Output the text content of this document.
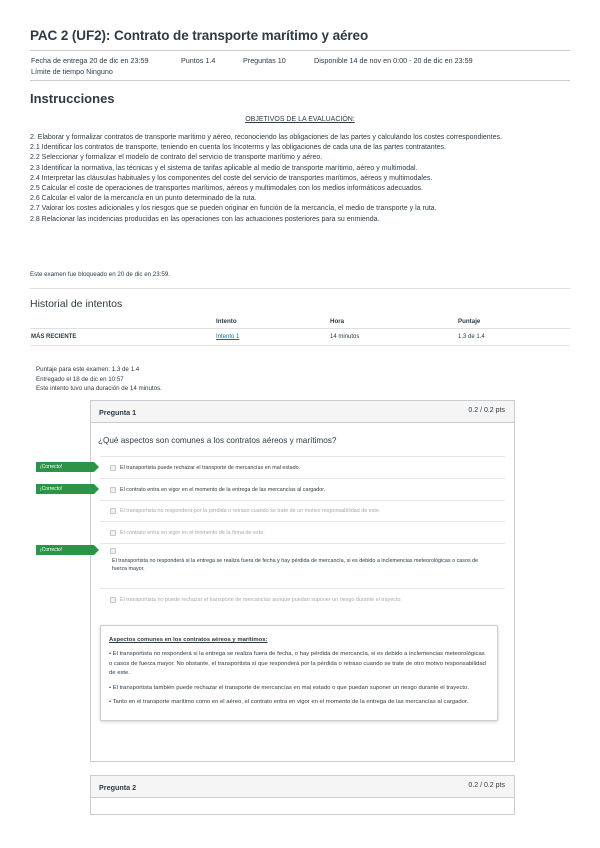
PAC 2 (UF2): Contrato de transporte marítimo y aéreo
Fecha de entrega 20 de dic en 23:59	Puntos 1.4	Preguntas 10	Disponible 14 de nov en 0:00 - 20 de dic en 23:59
Límite de tiempo Ninguno
Instrucciones
OBJETIVOS DE LA EVALUACIÓN:

2. Elaborar y formalizar contratos de transporte marítimo y aéreo, reconociendo las obligaciones de las partes y calculando los costes correspondientes.

2.1 Identificar los contratos de transporte, teniendo en cuenta los Incoterms y las obligaciones de cada una de las partes contratantes.

2.2 Seleccionar y formalizar el modelo de contrato del servicio de transporte marítimo y aéreo.

2.3 Identificar la normativa, las técnicas y el sistema de tarifas aplicable al medio de transporte marítimo, aéreo y multimodal.

2.4 Interpretar las cláusulas habituales y los componentes del coste del servicio de transportes marítimos, aéreos y multimodales.

2.5 Calcular el coste de operaciones de transportes marítimos, aéreos y multimodales con los medios informáticos adecuados.

2.6 Calcular el valor de la mercancía en un punto determinado de la ruta.

2.7 Valorar los costes adicionales y los riesgos que se pueden originar en función de la mercancía, el medio de transporte y la ruta.

2.8 Relacionar las incidencias producidas en las operaciones con las actuaciones posteriores para su enmienda.

Este examen fue bloqueado en 20 de dic en 23:59.
Historial de intentos
Intento	Hora	Puntaje
MÁS RECIENTE	Intento 1	14 minutos	1.3 de 1.4
Puntaje para este examen: 1.3 de 1.4
Entregado el 18 de dic en 10:57
Este intento tuvo una duración de 14 minutos.
Pregunta 1	0.2 / 0.2 pts
¿Qué aspectos son comunes a los contratos aéreos y marítimos?
¡Correcto!	El transportista puede rechazar el transporte de mercancías en mal estado.
¡Correcto!	El contrato entra en vigor en el momento de la entrega de las mercancías al cargador.
El transportista no responderá por la pérdida o retraso cuando se trate de un motivo responsabilidad de este.
El contrato entra en vigor en el momento de la firma de este.
¡Correcto!
El transportista no responderá si la entrega se realiza fuera de fecha y hay pérdida de mercancía, si es debido a inclemencias meteorológicas o casos de fuerza mayor.
El transportista no puede rechazar el transporte de mercancías aunque puedan suponer un riesgo durante el trayecto.
Aspectos comunes en los contratos aéreos y marítimos:

• El transportista no responderá si la entrega se realiza fuera de fecha, o hay pérdida de mercancía, si es debido a inclemencias meteorológicas o casos de fuerza mayor. No obstante, el transportista sí que responderá por la pérdida o retraso cuando se trate de otro motivo responsabilidad de este.

• El transportista también puede rechazar el transporte de mercancías en mal estado o que puedan suponer un riesgo durante el trayecto.

• Tanto en el transporte marítimo como en el aéreo, el contrato entra en vigor en el momento de la entrega de las mercancías al cargador.

Pregunta 2	0.2 / 0.2 pts
